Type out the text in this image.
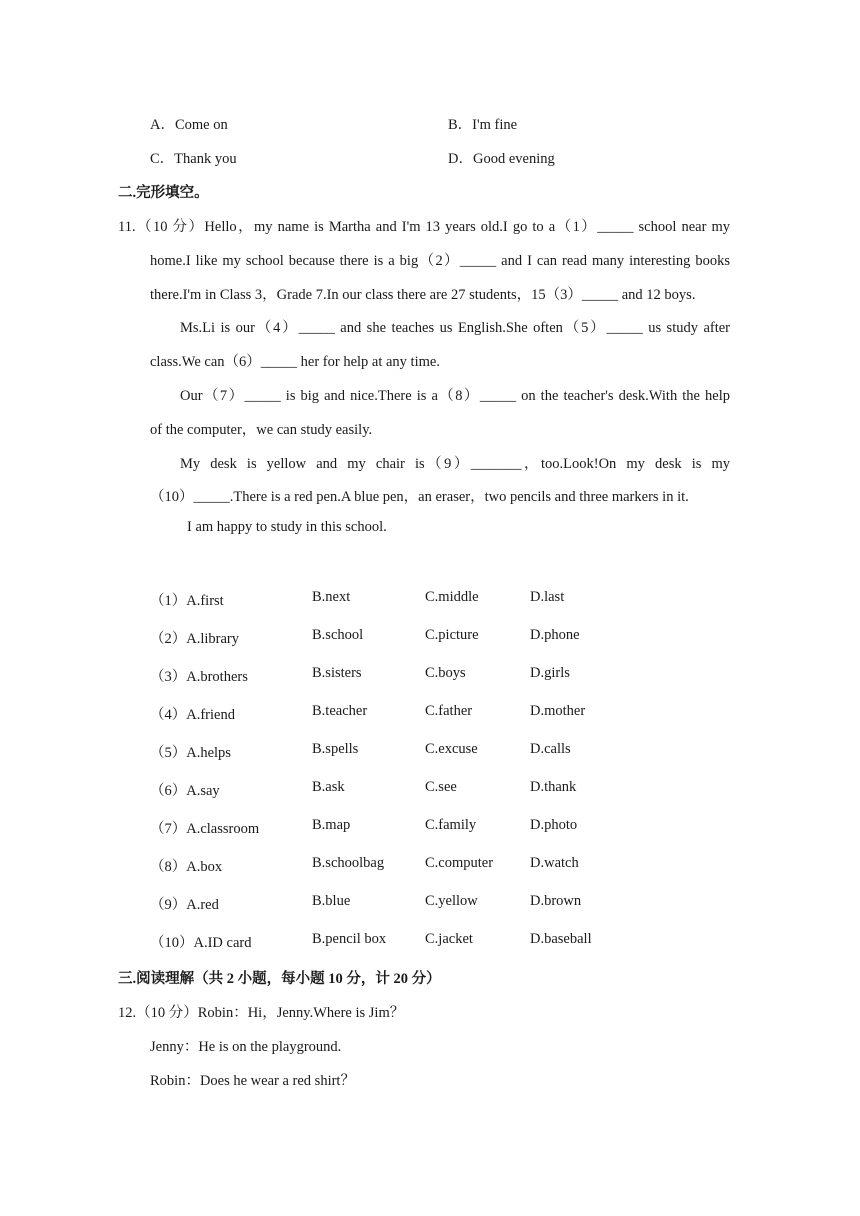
A．Come on	B．I'm fine
C．Thank you	D．Good evening
二.完形填空。
11.（10 分）Hello，my name is Martha and I'm 13 years old.I go to a（1）_____ school near my
home.I like my school because there is a big（2）_____ and I can read many interesting books
there.I'm in Class 3，Grade 7.In our class there are 27 students，15（3）_____ and 12 boys.
Ms.Li is our（4）_____ and she teaches us English.She often（5）_____ us study after
class.We can（6）_____ her for help at any time.
Our（7）_____ is big and nice.There is a（8）_____ on the teacher's desk.With the help
of the computer，we can study easily.
My desk is yellow and my chair is（9）_______，too.Look!On my desk is my
（10）_____.There is a red pen.A blue pen，an eraser，two pencils and three markers in it.
I am happy to study in this school.
（1）A.first	B.next	C.middle	D.last
（2）A.library	B.school	C.picture	D.phone
（3）A.brothers	B.sisters	C.boys	D.girls
（4）A.friend	B.teacher	C.father	D.mother
（5）A.helps	B.spells	C.excuse	D.calls
（6）A.say	B.ask	C.see	D.thank
（7）A.classroom	B.map	C.family	D.photo
（8）A.box	B.schoolbag	C.computer	D.watch
（9）A.red	B.blue	C.yellow	D.brown
（10）A.ID card	B.pencil box	C.jacket	D.baseball
三.阅读理解（共 2 小题，每小题 10 分，计 20 分）
12.（10 分）Robin：Hi，Jenny.Where is Jim？
Jenny：He is on the playground.
Robin：Does he wear a red shirt？
